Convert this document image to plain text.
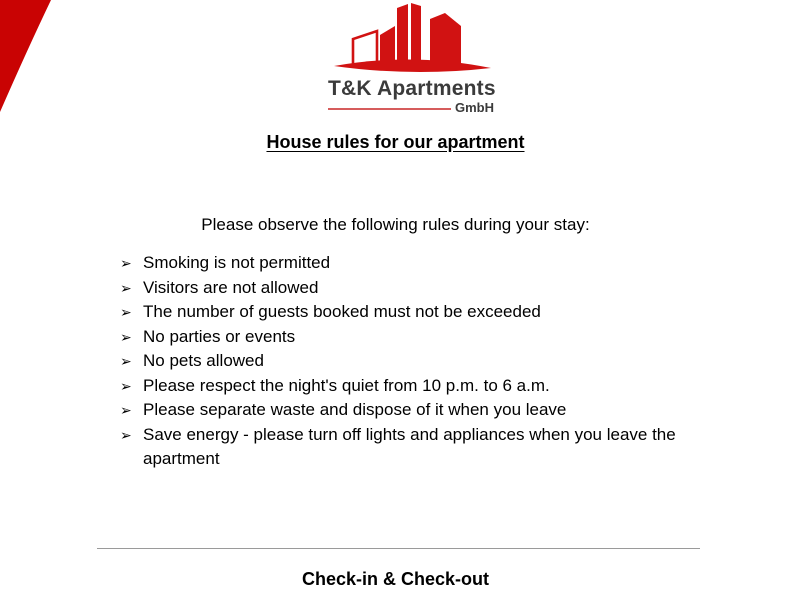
T&K Apartments
GmbH
House rules for our apartment
Please observe the following rules during your stay:
➢ Smoking is not permitted
➢ Visitors are not allowed
➢ The number of guests booked must not be exceeded
➢ No parties or events
➢ No pets allowed
➢ Please respect the night's quiet from 10 p.m. to 6 a.m.
➢ Please separate waste and dispose of it when you leave
➢ Save energy - please turn off lights and appliances when you leave the apartment
Check-in & Check-out
